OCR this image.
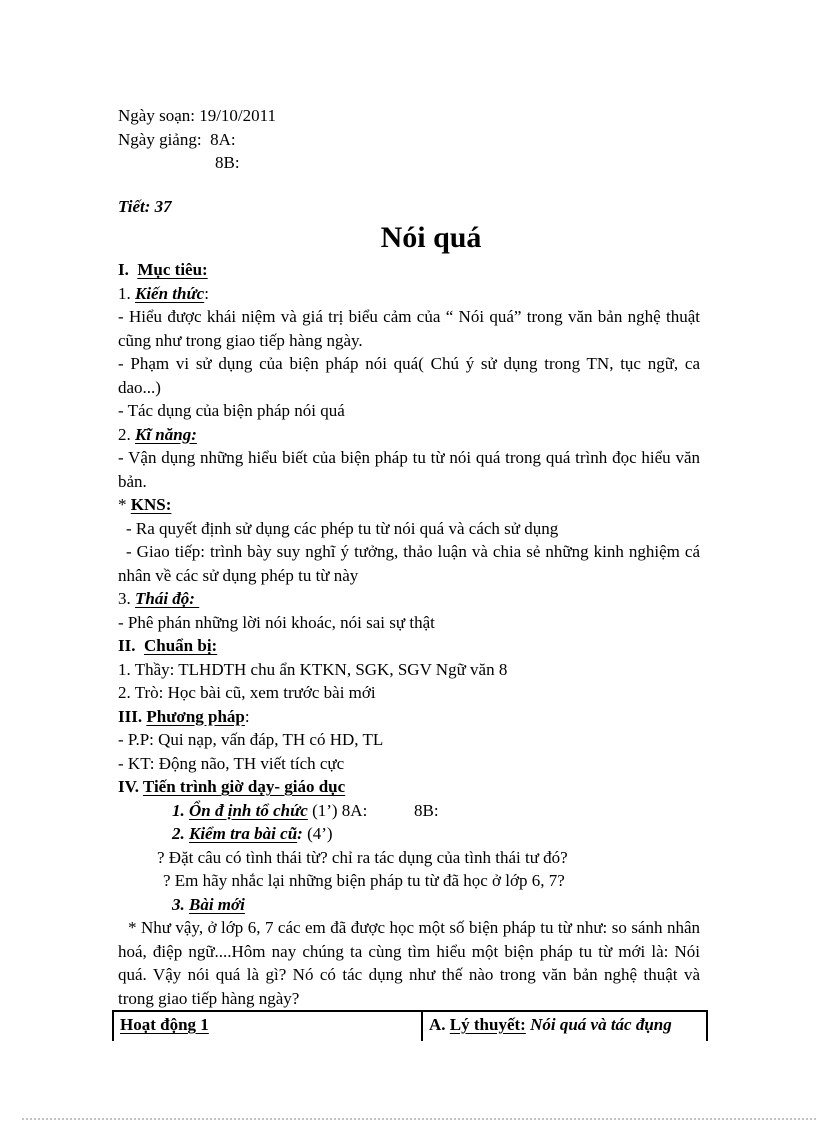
Ngày soạn: 19/10/2011
Ngày giảng:  8A:
8B:
Tiết: 37
Nói quá
I. Mục tiêu:
1. Kiến thức:
- Hiểu được khái niệm và giá trị biểu cảm của “ Nói quá” trong văn bản nghệ thuật cũng như trong giao tiếp hàng ngày.
- Phạm vi sử dụng của biện pháp nói quá( Chú ý sử dụng trong TN, tục ngữ, ca dao...)
- Tác dụng của biện pháp nói quá
2. Kĩ năng:
- Vận dụng những hiểu biết của biện pháp tu từ nói quá trong quá trình đọc hiểu văn bản.
* KNS:
- Ra quyết định sử dụng các phép tu từ nói quá và cách sử dụng
- Giao tiếp: trình bày suy nghĩ ý tưởng, thảo luận và chia sẻ những kinh nghiệm cá nhân về các sử dụng phép tu từ này
3. Thái độ:
- Phê phán những lời nói khoác, nói sai sự thật
II. Chuẩn bị:
1. Thầy: TLHDTH chu ẩn KTKN, SGK, SGV Ngữ văn 8
2. Trò: Học bài cũ, xem trước bài mới
III. Phương pháp:
- P.P: Qui nạp, vấn đáp, TH có HD, TL
- KT: Động não, TH viết tích cực
IV. Tiến trình giờ dạy- giáo dục
1. Ổn đ ịnh tổ chức (1’) 8A:           8B:
2. Kiểm tra bài cũ: (4’)
? Đặt câu có tình thái từ? chỉ ra tác dụng của tình thái tư đó?
? Em hãy nhắc lại những biện pháp tu từ đã học ở lớp 6, 7?
3. Bài mới
* Như vậy, ở lớp 6, 7 các em đã được học một số biện pháp tu từ như: so sánh nhân hoá, điệp ngữ....Hôm nay chúng ta cùng tìm hiểu một biện pháp tu từ mới là: Nói quá. Vậy nói quá là gì? Nó có tác dụng như thế nào trong văn bản nghệ thuật và trong giao tiếp hàng ngày?
Hoạt động 1	A. Lý thuyết: Nói quá và tác đụng
